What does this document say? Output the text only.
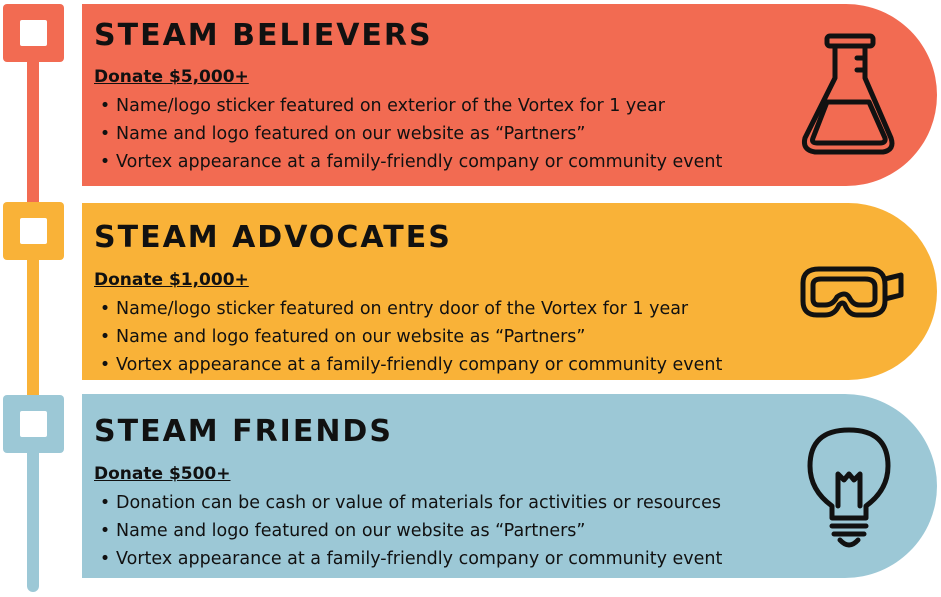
STEAM BELIEVERS
Donate $5,000+
• Name/logo sticker featured on exterior of the Vortex for 1 year
• Name and logo featured on our website as “Partners”
• Vortex appearance at a family-friendly company or community event
STEAM ADVOCATES
Donate $1,000+
• Name/logo sticker featured on entry door of the Vortex for 1 year
• Name and logo featured on our website as “Partners”
• Vortex appearance at a family-friendly company or community event
STEAM FRIENDS
Donate $500+
• Donation can be cash or value of materials for activities or resources
• Name and logo featured on our website as “Partners”
• Vortex appearance at a family-friendly company or community event
